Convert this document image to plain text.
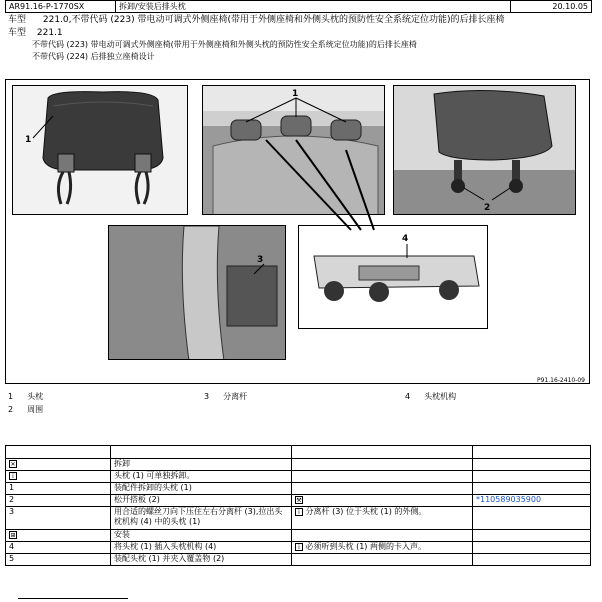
AR91.16-P-1770SX	拆卸/安装后排头枕	20.10.05
车型 221.0,不带代码 (223) 带电动可调式外侧座椅(带用于外侧座椅和外侧头枕的预防性安全系统定位功能)的后排长座椅
车型 221.1
不带代码 (223) 带电动可调式外侧座椅(带用于外侧座椅和外侧头枕的预防性安全系统定位功能)的后排长座椅
不带代码 (224) 后排独立座椅设计
1
1
2
3
4
P91.16-2410-09
1 头枕	3 分离杆	4 头枕机构
2 周围

✕	拆卸		
i	头枕 (1) 可单独拆卸。		
1	装配件拆卸的头枕 (1)		
2	松开搭板 (2)	⚒	*110589035900
3	用合适的螺丝刀向下压住左右分离杆 (3),拉出头枕机构 (4) 中的头枕 (1)	i 分离杆 (3) 位于头枕 (1) 的外侧。	
⊞	安装		
4	将头枕 (1) 插入头枕机构 (4)	i 必须听到头枕 (1) 两侧的卡入声。	
5	装配头枕 (1) 并夹入覆盖物 (2)		
